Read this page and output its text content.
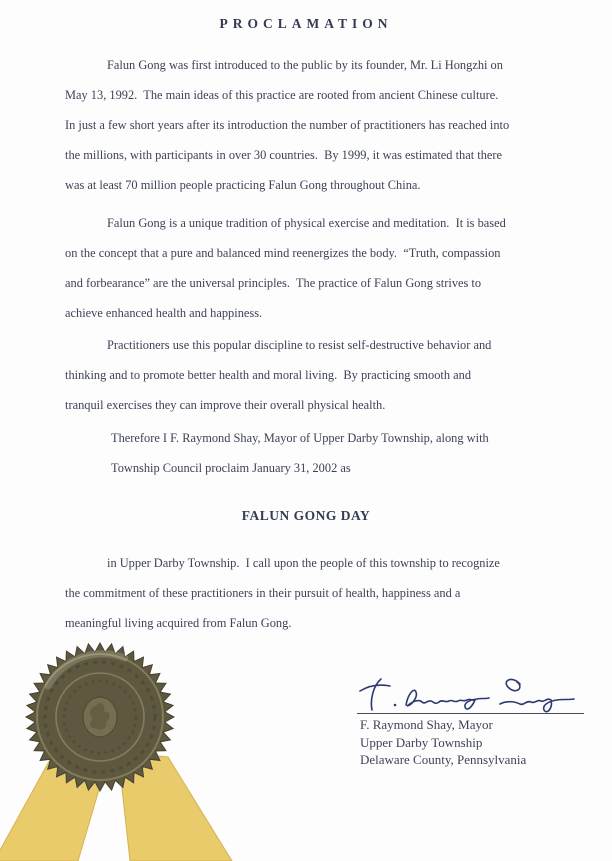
PROCLAMATION
Falun Gong was first introduced to the public by its founder, Mr. Li Hongzhi on
May 13, 1992.  The main ideas of this practice are rooted from ancient Chinese culture.
In just a few short years after its introduction the number of practitioners has reached into
the millions, with participants in over 30 countries.  By 1999, it was estimated that there
was at least 70 million people practicing Falun Gong throughout China.
Falun Gong is a unique tradition of physical exercise and meditation.  It is based
on the concept that a pure and balanced mind reenergizes the body.  “Truth, compassion
and forbearance” are the universal principles.  The practice of Falun Gong strives to
achieve enhanced health and happiness.
Practitioners use this popular discipline to resist self-destructive behavior and
thinking and to promote better health and moral living.  By practicing smooth and
tranquil exercises they can improve their overall physical health.
Therefore I F. Raymond Shay, Mayor of Upper Darby Township, along with
Township Council proclaim January 31, 2002 as
FALUN GONG DAY
in Upper Darby Township.  I call upon the people of this township to recognize
the commitment of these practitioners in their pursuit of health, happiness and a
meaningful living acquired from Falun Gong.
F. Raymond Shay, Mayor
Upper Darby Township
Delaware County, Pennsylvania
